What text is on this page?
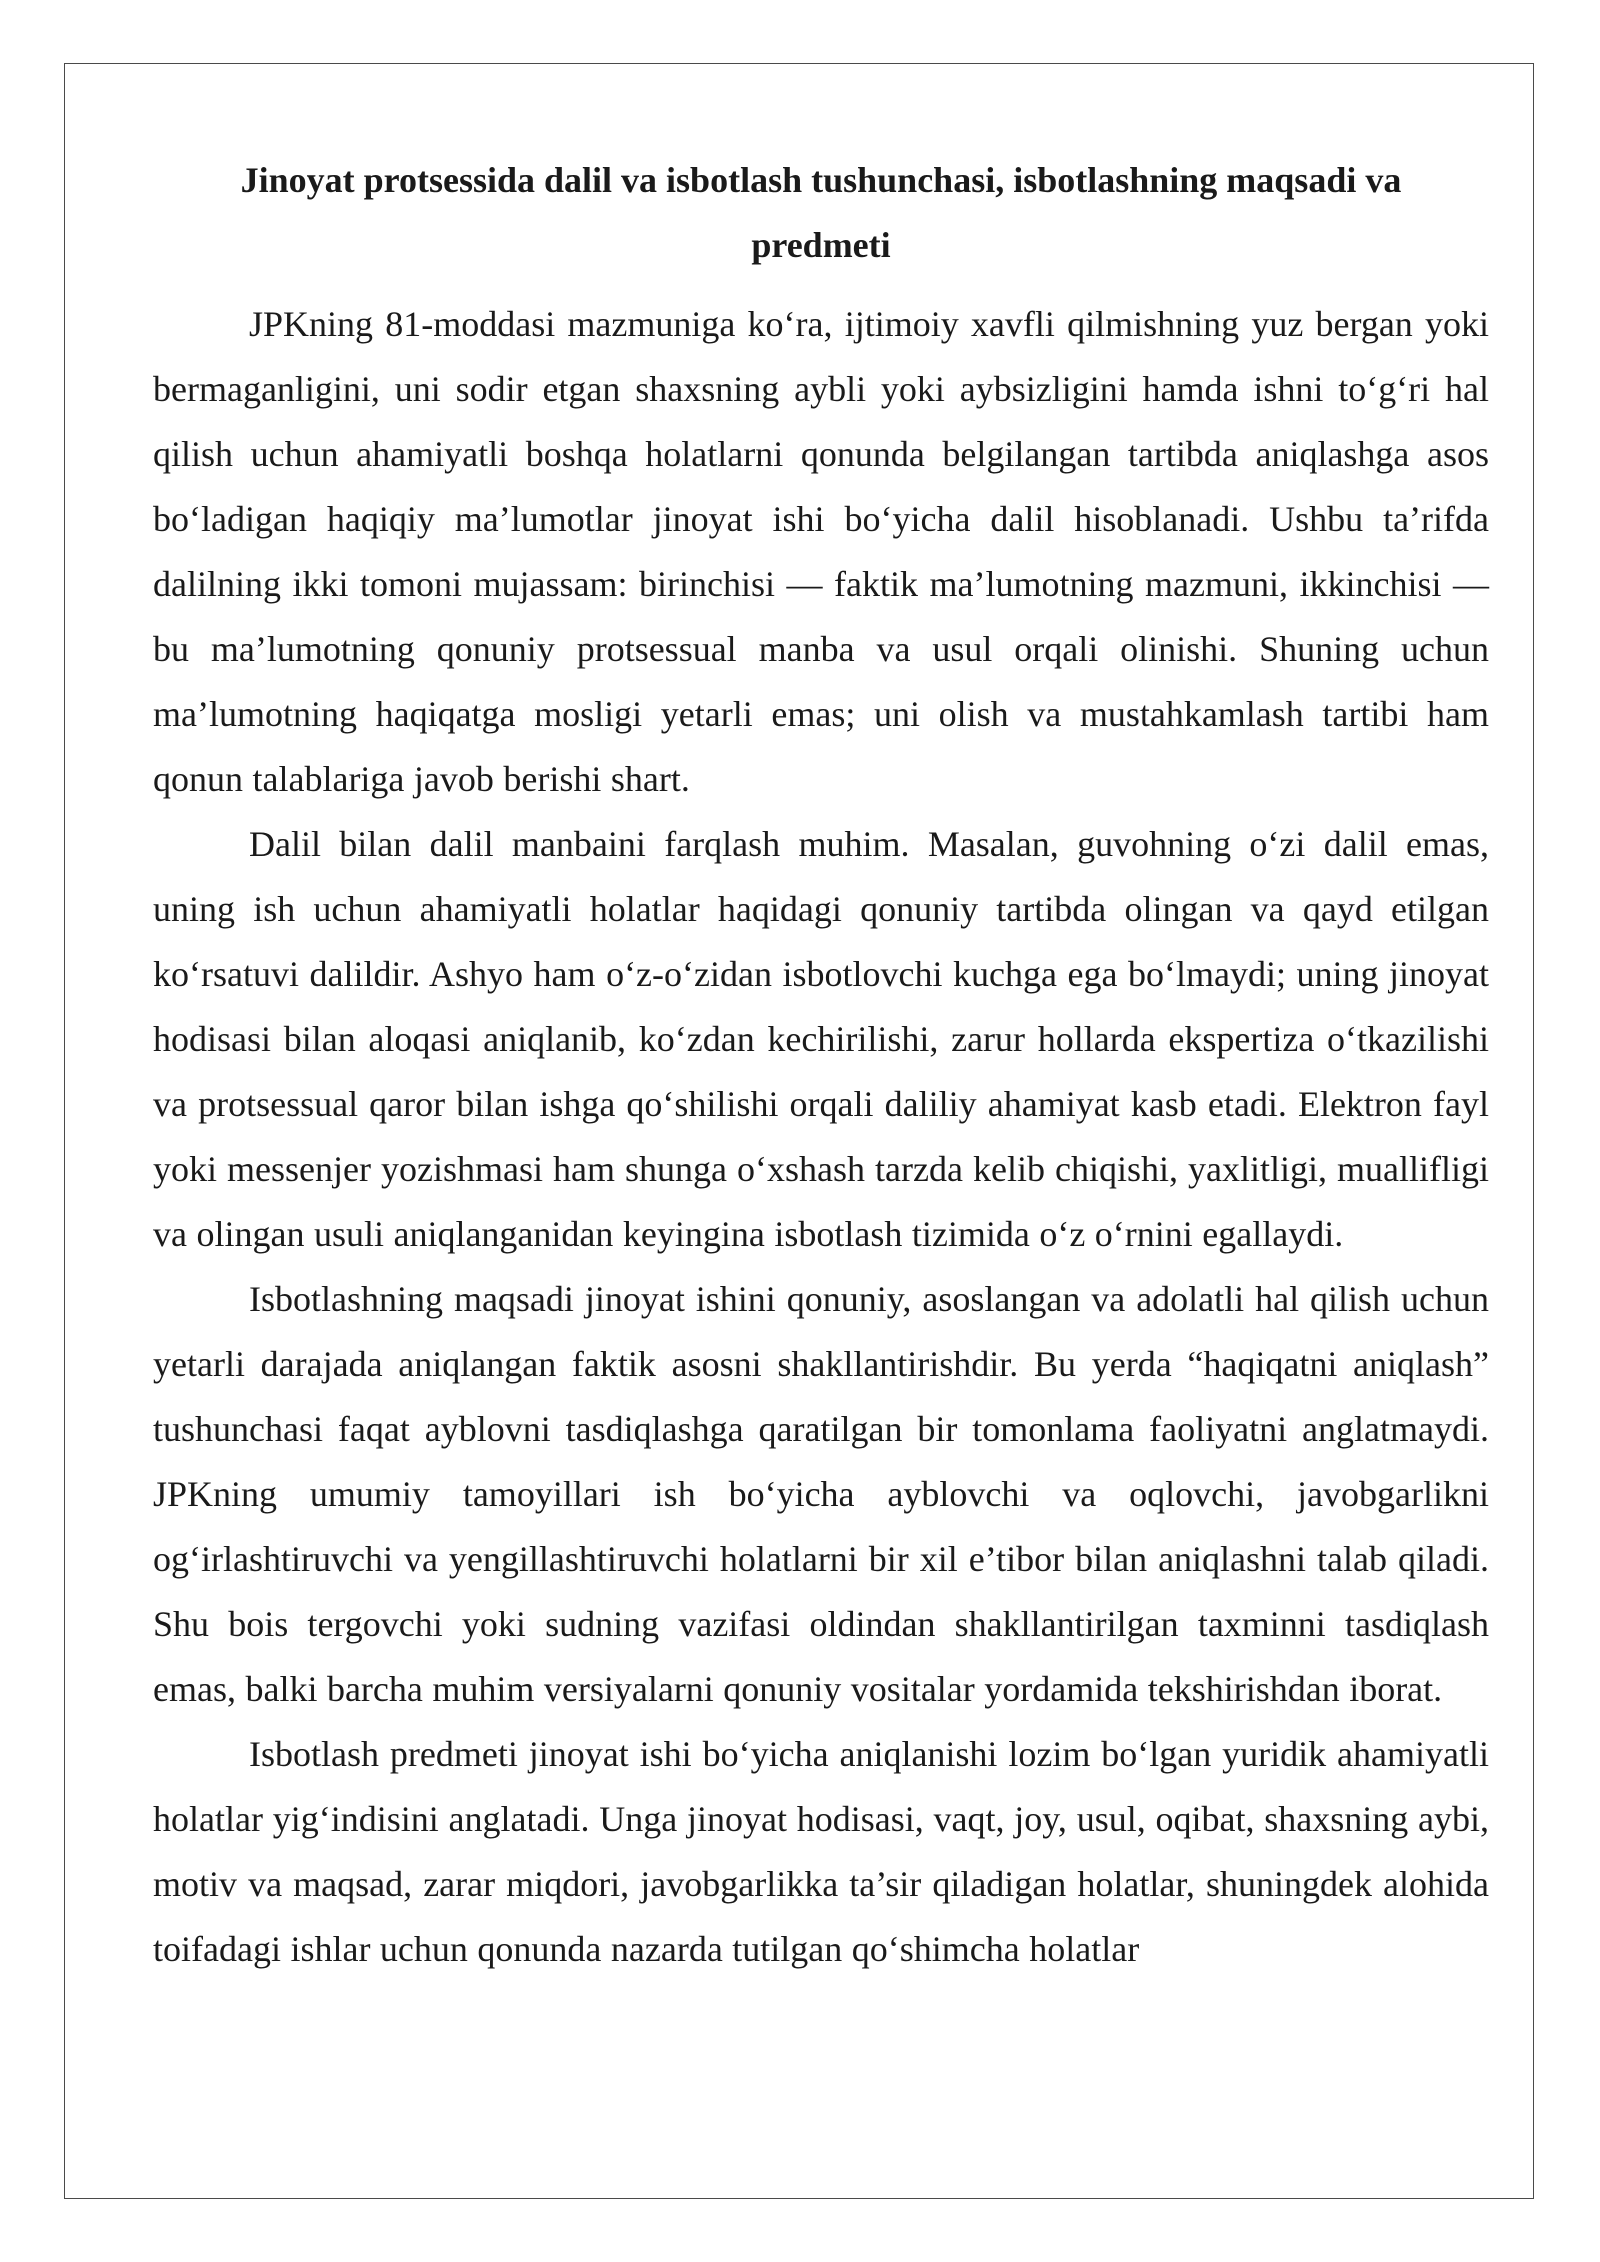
Jinoyat protsessida dalil va isbotlash tushunchasi, isbotlashning maqsadi va predmeti

JPKning 81-moddasi mazmuniga ko‘ra, ijtimoiy xavfli qilmishning yuz bergan yoki bermaganligini, uni sodir etgan shaxsning aybli yoki aybsizligini hamda ishni to‘g‘ri hal qilish uchun ahamiyatli boshqa holatlarni qonunda belgilangan tartibda aniqlashga asos bo‘ladigan haqiqiy ma’lumotlar jinoyat ishi bo‘yicha dalil hisoblanadi. Ushbu ta’rifda dalilning ikki tomoni mujassam: birinchisi — faktik ma’lumotning mazmuni, ikkinchisi — bu ma’lumotning qonuniy protsessual manba va usul orqali olinishi. Shuning uchun ma’lumotning haqiqatga mosligi yetarli emas; uni olish va mustahkamlash tartibi ham qonun talablariga javob berishi shart.

Dalil bilan dalil manbaini farqlash muhim. Masalan, guvohning o‘zi dalil emas, uning ish uchun ahamiyatli holatlar haqidagi qonuniy tartibda olingan va qayd etilgan ko‘rsatuvi dalildir. Ashyo ham o‘z-o‘zidan isbotlovchi kuchga ega bo‘lmaydi; uning jinoyat hodisasi bilan aloqasi aniqlanib, ko‘zdan kechirilishi, zarur hollarda ekspertiza o‘tkazilishi va protsessual qaror bilan ishga qo‘shilishi orqali daliliy ahamiyat kasb etadi. Elektron fayl yoki messenjer yozishmasi ham shunga o‘xshash tarzda kelib chiqishi, yaxlitligi, muallifligi va olingan usuli aniqlanganidan keyingina isbotlash tizimida o‘z o‘rnini egallaydi.

Isbotlashning maqsadi jinoyat ishini qonuniy, asoslangan va adolatli hal qilish uchun yetarli darajada aniqlangan faktik asosni shakllantirishdir. Bu yerda “haqiqatni aniqlash” tushunchasi faqat ayblovni tasdiqlashga qaratilgan bir tomonlama faoliyatni anglatmaydi. JPKning umumiy tamoyillari ish bo‘yicha ayblovchi va oqlovchi, javobgarlikni og‘irlashtiruvchi va yengillashtiruvchi holatlarni bir xil e’tibor bilan aniqlashni talab qiladi. Shu bois tergovchi yoki sudning vazifasi oldindan shakllantirilgan taxminni tasdiqlash emas, balki barcha muhim versiyalarni qonuniy vositalar yordamida tekshirishdan iborat.

Isbotlash predmeti jinoyat ishi bo‘yicha aniqlanishi lozim bo‘lgan yuridik ahamiyatli holatlar yig‘indisini anglatadi. Unga jinoyat hodisasi, vaqt, joy, usul, oqibat, shaxsning aybi, motiv va maqsad, zarar miqdori, javobgarlikka ta’sir qiladigan holatlar, shuningdek alohida toifadagi ishlar uchun qonunda nazarda tutilgan qo‘shimcha holatlar
